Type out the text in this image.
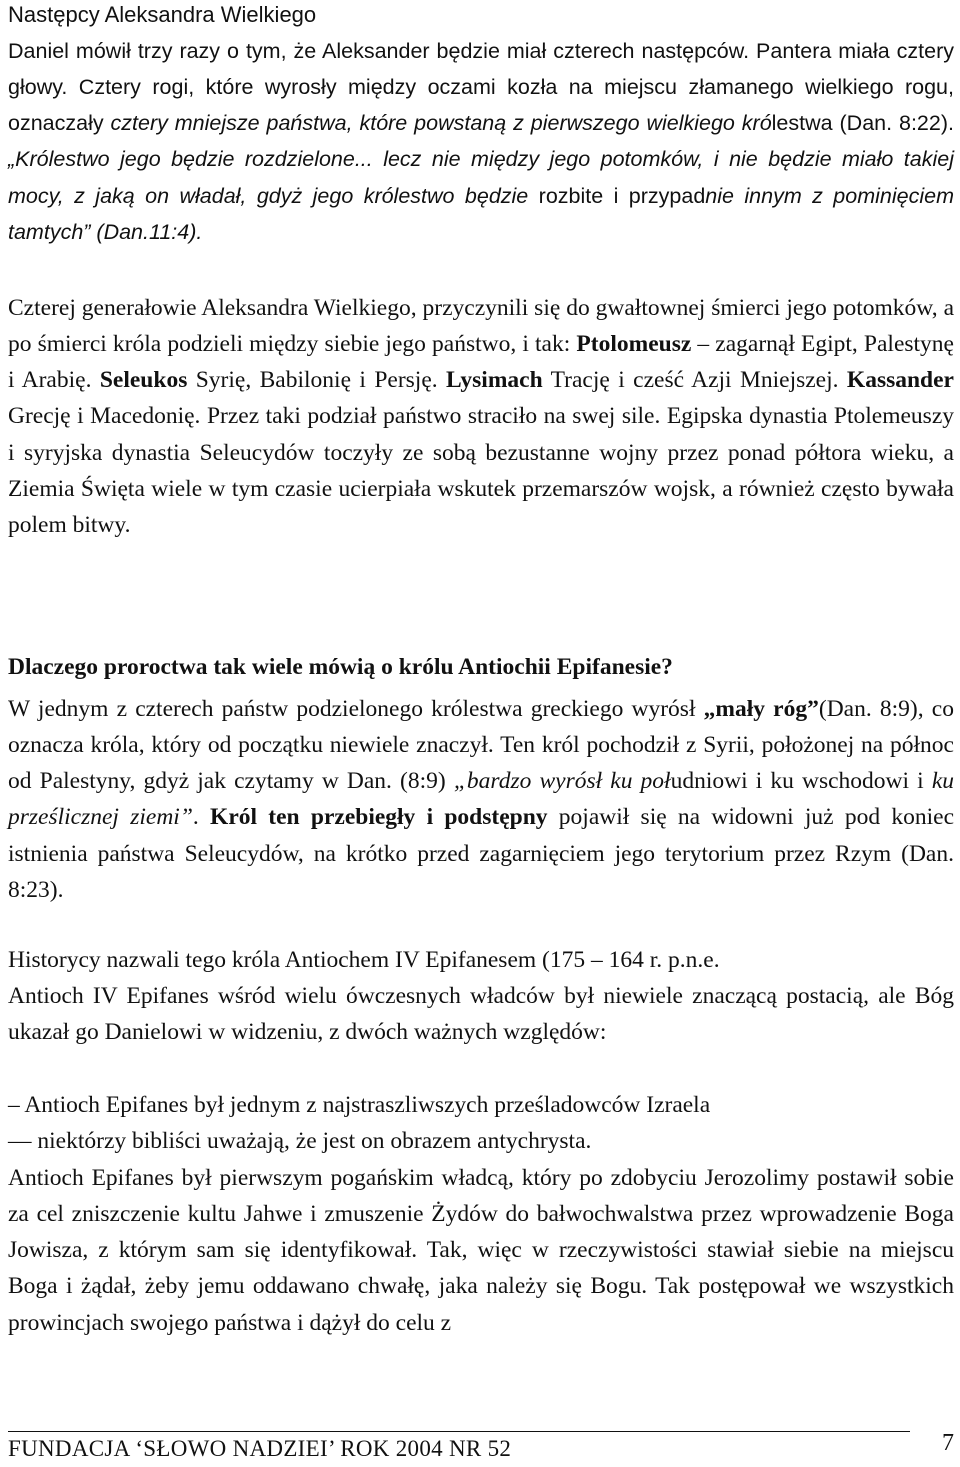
Następcy Aleksandra Wielkiego

Daniel mówił trzy razy o tym, że Aleksander będzie miał czterech następców. Pantera miała cztery głowy. Cztery rogi, które wyrosły między oczami kozła na miejscu złamanego wielkiego rogu, oznaczały cztery mniejsze państwa, które powstaną z pierwszego wielkiego królestwa (Dan. 8:22). „Królestwo jego będzie rozdzielone... lecz nie między jego potomków, i nie będzie miało takiej mocy, z jaką on władał, gdyż jego królestwo będzie rozbite i przypadnie innym z pominięciem tamtych” (Dan.11:4).

Czterej generałowie Aleksandra Wielkiego, przyczynili się do gwałtownej śmierci jego potomków, a po śmierci króla podzieli między siebie jego państwo, i tak: Ptolomeusz – zagarnął Egipt, Palestynę i Arabię. Seleukos Syrię, Babilonię i Persję. Lysimach Trację i cześć Azji Mniejszej. Kassander Grecję i Macedonię. Przez taki podział państwo straciło na swej sile. Egipska dynastia Ptolemeuszy i syryjska dynastia Seleucydów toczyły ze sobą bezustanne wojny przez ponad półtora wieku, a Ziemia Święta wiele w tym czasie ucierpiała wskutek przemarszów wojsk, a również często bywała polem bitwy.

Dlaczego proroctwa tak wiele mówią o królu Antiochii Epifanesie?

W jednym z czterech państw podzielonego królestwa greckiego wyrósł „mały róg”(Dan. 8:9), co oznacza króla, który od początku niewiele znaczył. Ten król pochodził z Syrii, położonej na północ od Palestyny, gdyż jak czytamy w Dan. (8:9) „bardzo wyrósł ku południowi i ku wschodowi i ku prześlicznej ziemi”. Król ten przebiegły i podstępny pojawił się na widowni już pod koniec istnienia państwa Seleucydów, na krótko przed zagarnięciem jego terytorium przez Rzym (Dan. 8:23).

Historycy nazwali tego króla Antiochem IV Epifanesem (175 – 164 r. p.n.e.

Antioch IV Epifanes wśród wielu ówczesnych władców był niewiele znaczącą postacią, ale Bóg ukazał go Danielowi w widzeniu, z dwóch ważnych względów:

– Antioch Epifanes był jednym z najstraszliwszych prześladowców Izraela

— niektórzy bibliści uważają, że jest on obrazem antychrysta.

Antioch Epifanes był pierwszym pogańskim władcą, który po zdobyciu Jerozolimy postawił sobie za cel zniszczenie kultu Jahwe i zmuszenie Żydów do bałwochwalstwa przez wprowadzenie Boga Jowisza, z którym sam się identyfikował. Tak, więc w rzeczywistości stawiał siebie na miejscu Boga i żądał, żeby jemu oddawano chwałę, jaka należy się Bogu. Tak postępował we wszystkich prowincjach swojego państwa i dążył do celu z

FUNDACJA ‘SŁOWO NADZIEI’ ROK 2004 NR 52	7
